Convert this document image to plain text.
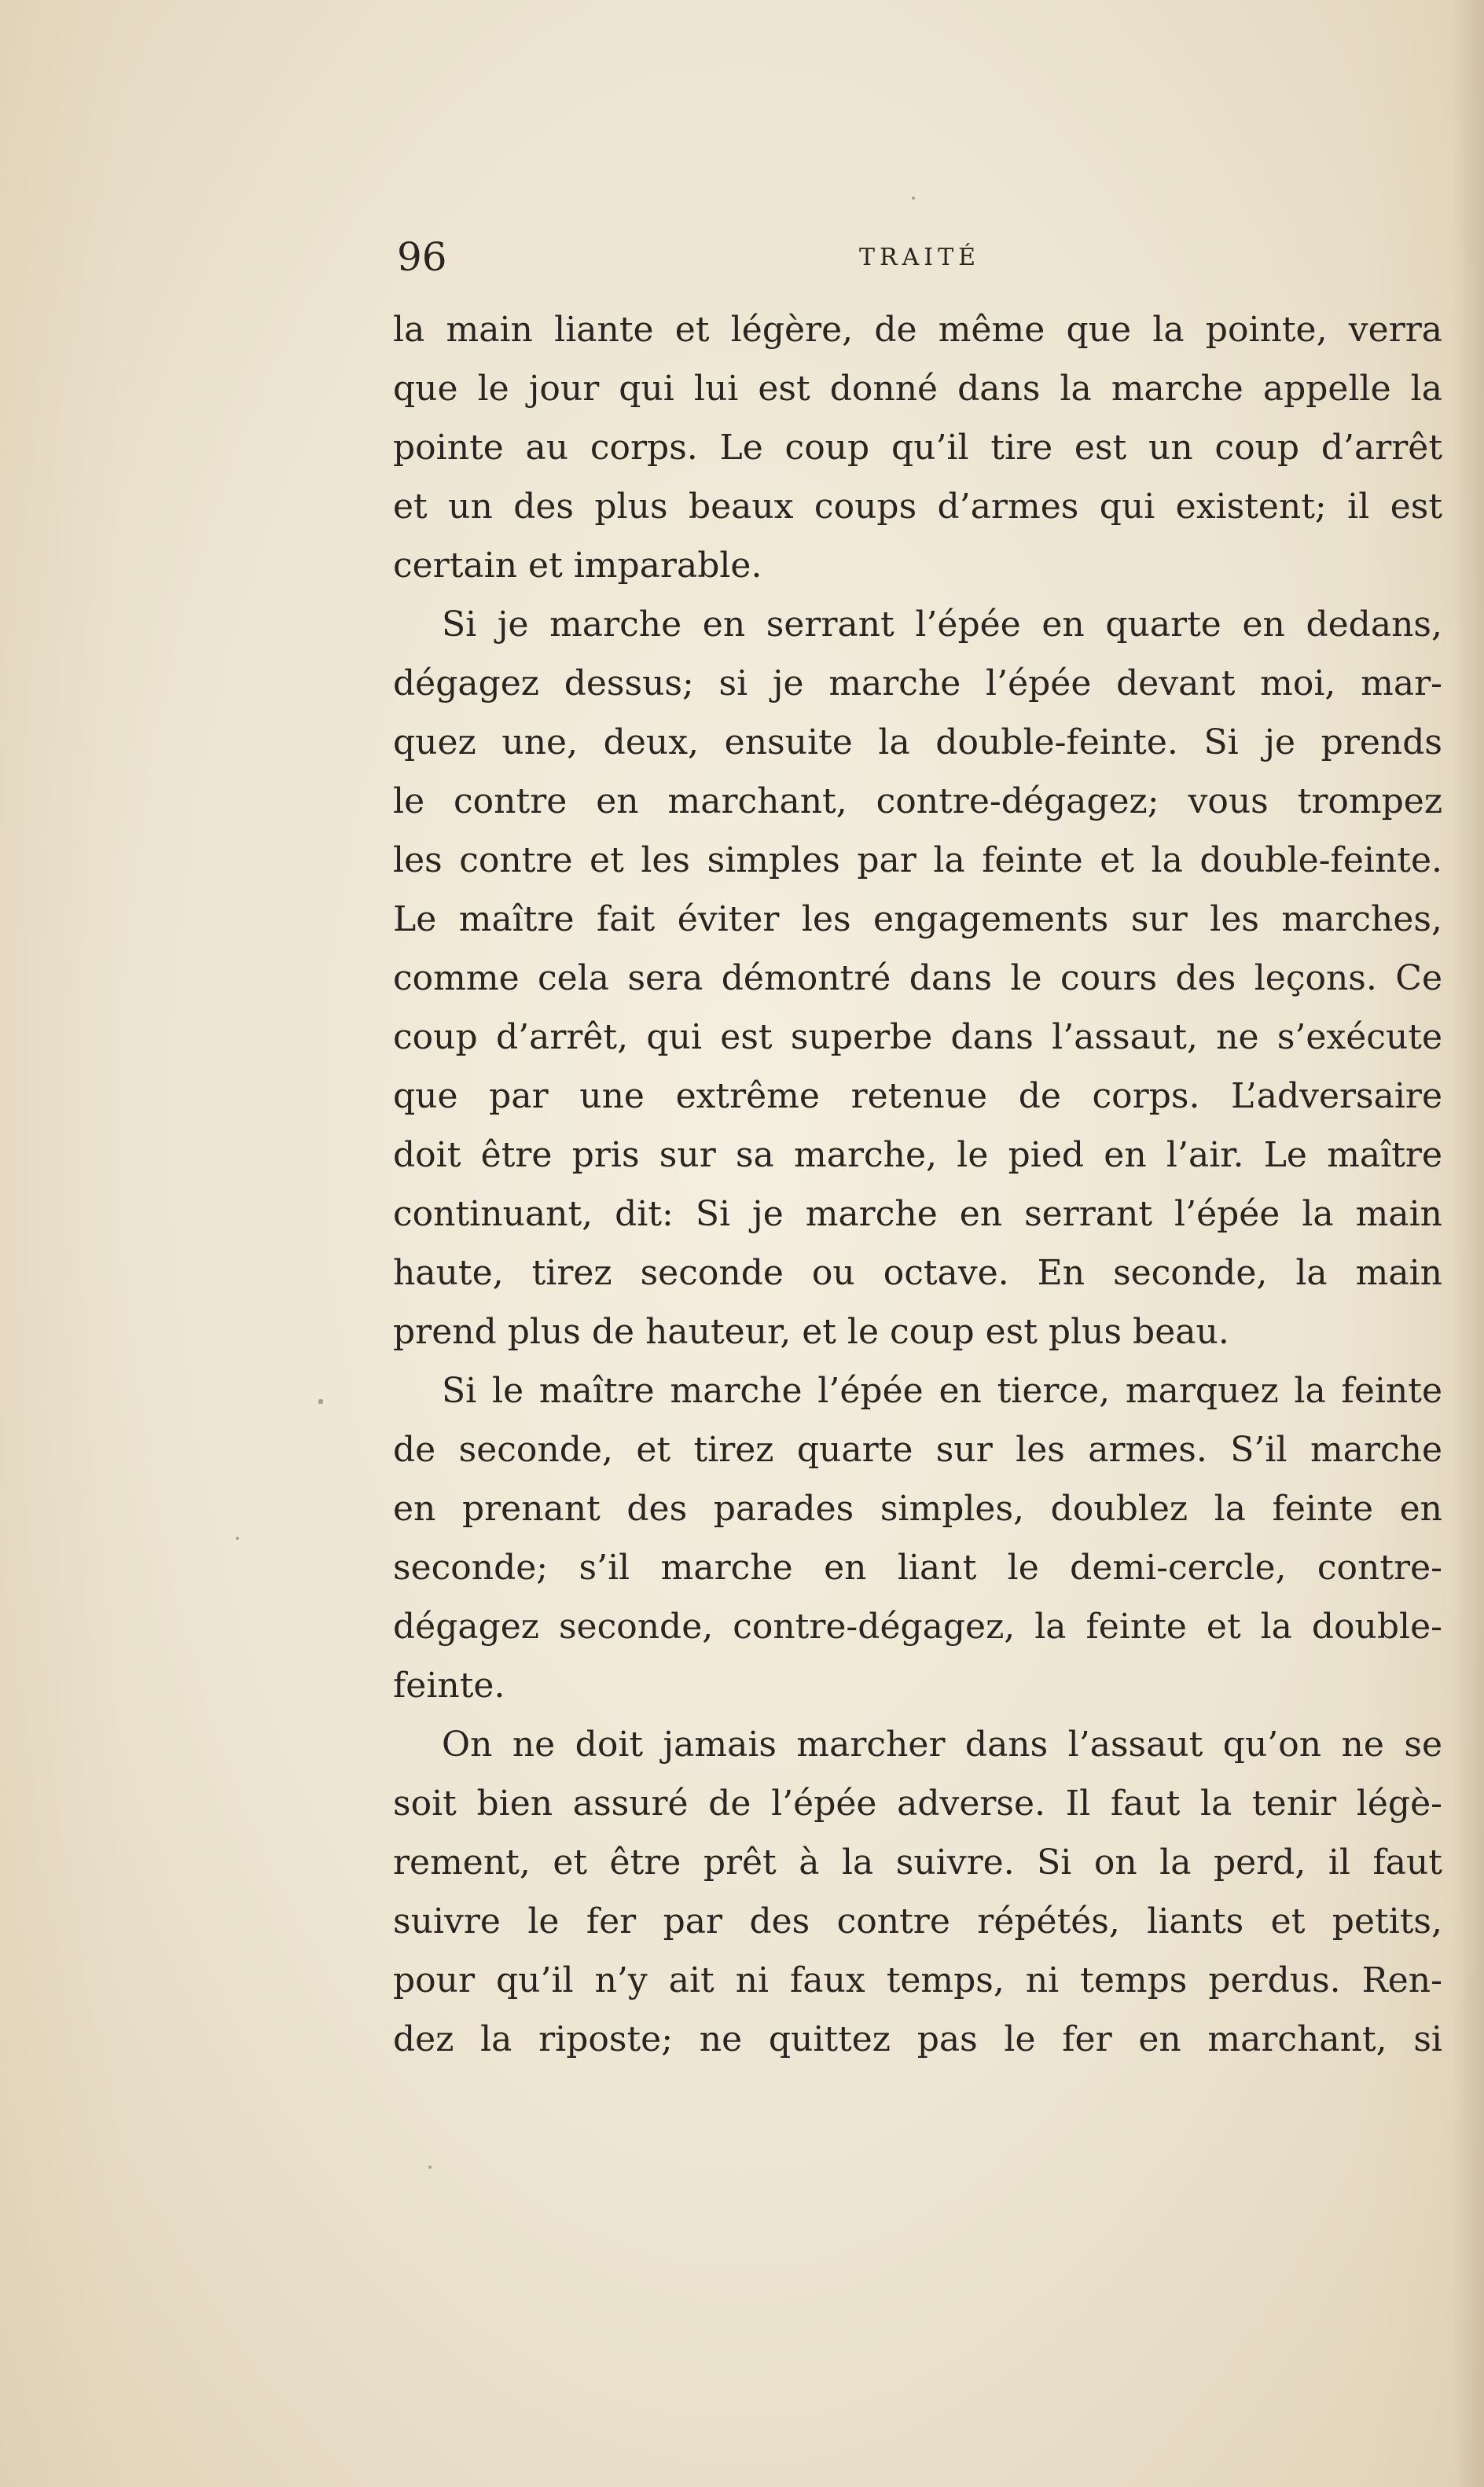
96	TRAITÉ
la main liante et légère, de même que la pointe, verra
que le jour qui lui est donné dans la marche appelle la
pointe au corps. Le coup qu’il tire est un coup d’arrêt
et un des plus beaux coups d’armes qui existent; il est
certain et imparable.
Si je marche en serrant l’épée en quarte en dedans,
dégagez dessus; si je marche l’épée devant moi, mar-
quez une, deux, ensuite la double-feinte. Si je prends
le contre en marchant, contre-dégagez; vous trompez
les contre et les simples par la feinte et la double-feinte.
Le maître fait éviter les engagements sur les marches,
comme cela sera démontré dans le cours des leçons. Ce
coup d’arrêt, qui est superbe dans l’assaut, ne s’exécute
que par une extrême retenue de corps. L’adversaire
doit être pris sur sa marche, le pied en l’air. Le maître
continuant, dit: Si je marche en serrant l’épée la main
haute, tirez seconde ou octave. En seconde, la main
prend plus de hauteur, et le coup est plus beau.
Si le maître marche l’épée en tierce, marquez la feinte
de seconde, et tirez quarte sur les armes. S’il marche
en prenant des parades simples, doublez la feinte en
seconde; s’il marche en liant le demi-cercle, contre-
dégagez seconde, contre-dégagez, la feinte et la double-
feinte.
On ne doit jamais marcher dans l’assaut qu’on ne se
soit bien assuré de l’épée adverse. Il faut la tenir légè-
rement, et être prêt à la suivre. Si on la perd, il faut
suivre le fer par des contre répétés, liants et petits,
pour qu’il n’y ait ni faux temps, ni temps perdus. Ren-
dez la riposte; ne quittez pas le fer en marchant, si
